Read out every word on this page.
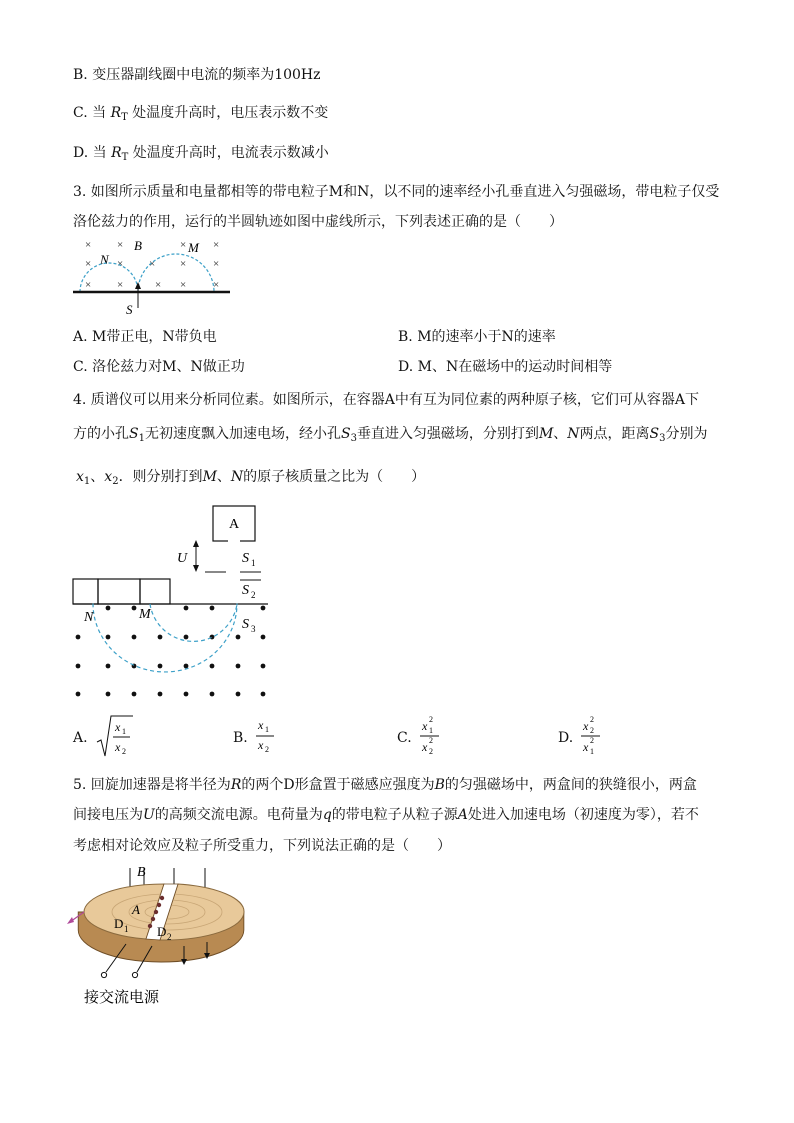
B. 变压器副线圈中电流的频率为100Hz
C. 当 $R_T$ 处温度升高时，电压表示数不变
D. 当 $R_T$ 处温度升高时，电流表示数减小
3. 如图所示质量和电量都相等的带电粒子M和N，以不同的速率经小孔垂直进入匀强磁场，带电粒子仅受
洛伦兹力的作用，运行的半圆轨迹如图中虚线所示，下列表述正确的是（　　）
× ×	× ×
× × × × ×
× ×	× × ×
B	M
N
S
A. M带正电，N带负电	B. M的速率小于N的速率
C. 洛伦兹力对M、N做正功	D. M、N在磁场中的运动时间相等
4. 质谱仪可以用来分析同位素。如图所示，在容器A中有互为同位素的两种原子核，它们可从容器A下
方的小孔$S_1$无初速度飘入加速电场，经小孔$S_3$垂直进入匀强磁场，分别打到M、N两点，距离$S_3$分别为
$x_1$、$x_2$．则分别打到M、N的原子核质量之比为（　　）
A
U	S 1
S 2
N	M
S 3
A.
x 1
x 2
B.
x 1
x 2
C.
x 2
1
x 2
2
D.
x 2
2
x 2
1
5. 回旋加速器是将半径为R的两个D形盒置于磁感应强度为B的匀强磁场中，两盒间的狭缝很小，两盒
间接电压为U的高频交流电源。电荷量为q的带电粒子从粒子源A处进入加速电场（初速度为零），若不
考虑相对论效应及粒子所受重力，下列说法正确的是（　　）
B
A
D 1 D 2
接交流电源
